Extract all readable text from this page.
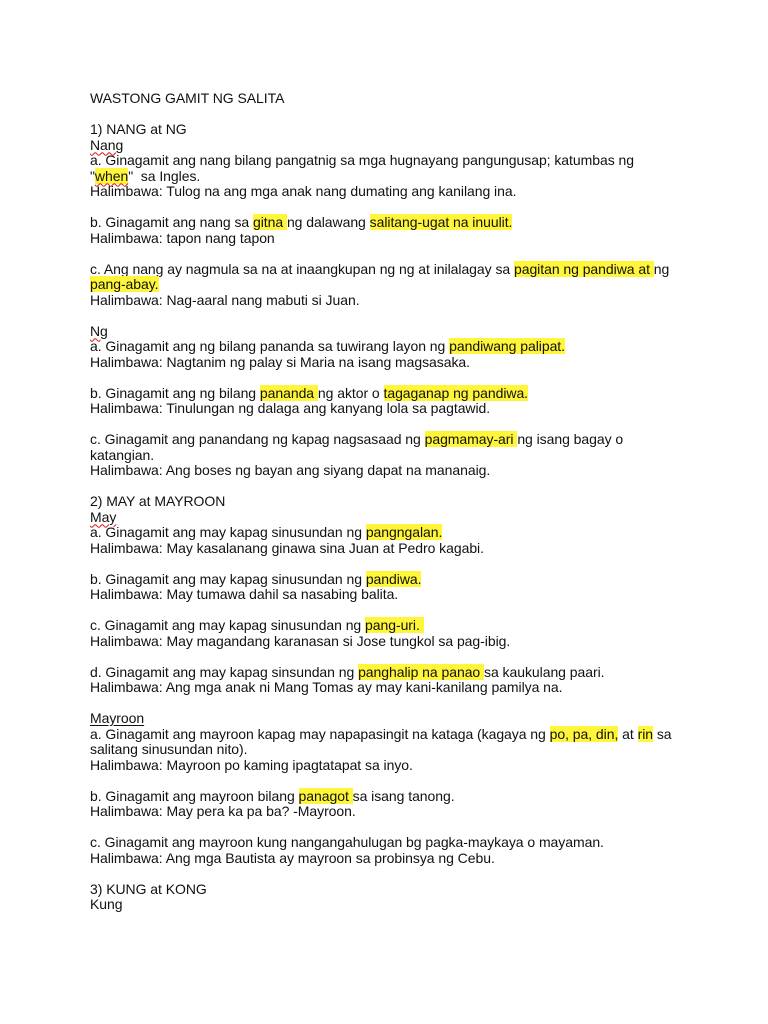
WASTONG GAMIT NG SALITA
1) NANG at NG
Nang
a. Ginagamit ang nang bilang pangatnig sa mga hugnayang pangungusap; katumbas ng
"when"  sa Ingles.
Halimbawa: Tulog na ang mga anak nang dumating ang kanilang ina.
b. Ginagamit ang nang sa gitna ng dalawang salitang-ugat na inuulit.
Halimbawa: tapon nang tapon
c. Ang nang ay nagmula sa na at inaangkupan ng ng at inilalagay sa pagitan ng pandiwa at ng
pang-abay.
Halimbawa: Nag-aaral nang mabuti si Juan.
Ng
a. Ginagamit ang ng bilang pananda sa tuwirang layon ng pandiwang palipat.
Halimbawa: Nagtanim ng palay si Maria na isang magsasaka.
b. Ginagamit ang ng bilang pananda ng aktor o tagaganap ng pandiwa.
Halimbawa: Tinulungan ng dalaga ang kanyang lola sa pagtawid.
c. Ginagamit ang panandang ng kapag nagsasaad ng pagmamay-ari ng isang bagay o
katangian.
Halimbawa: Ang boses ng bayan ang siyang dapat na mananaig.
2) MAY at MAYROON
May
a. Ginagamit ang may kapag sinusundan ng pangngalan.
Halimbawa: May kasalanang ginawa sina Juan at Pedro kagabi.
b. Ginagamit ang may kapag sinusundan ng pandiwa.
Halimbawa: May tumawa dahil sa nasabing balita.
c. Ginagamit ang may kapag sinusundan ng pang-uri.
Halimbawa: May magandang karanasan si Jose tungkol sa pag-ibig.
d. Ginagamit ang may kapag sinsundan ng panghalip na panao sa kaukulang paari.
Halimbawa: Ang mga anak ni Mang Tomas ay may kani-kanilang pamilya na.
Mayroon
a. Ginagamit ang mayroon kapag may napapasingit na kataga (kagaya ng po, pa, din, at rin sa
salitang sinusundan nito).
Halimbawa: Mayroon po kaming ipagtatapat sa inyo.
b. Ginagamit ang mayroon bilang panagot sa isang tanong.
Halimbawa: May pera ka pa ba? -Mayroon.
c. Ginagamit ang mayroon kung nangangahulugan bg pagka-maykaya o mayaman.
Halimbawa: Ang mga Bautista ay mayroon sa probinsya ng Cebu.
3) KUNG at KONG
Kung
